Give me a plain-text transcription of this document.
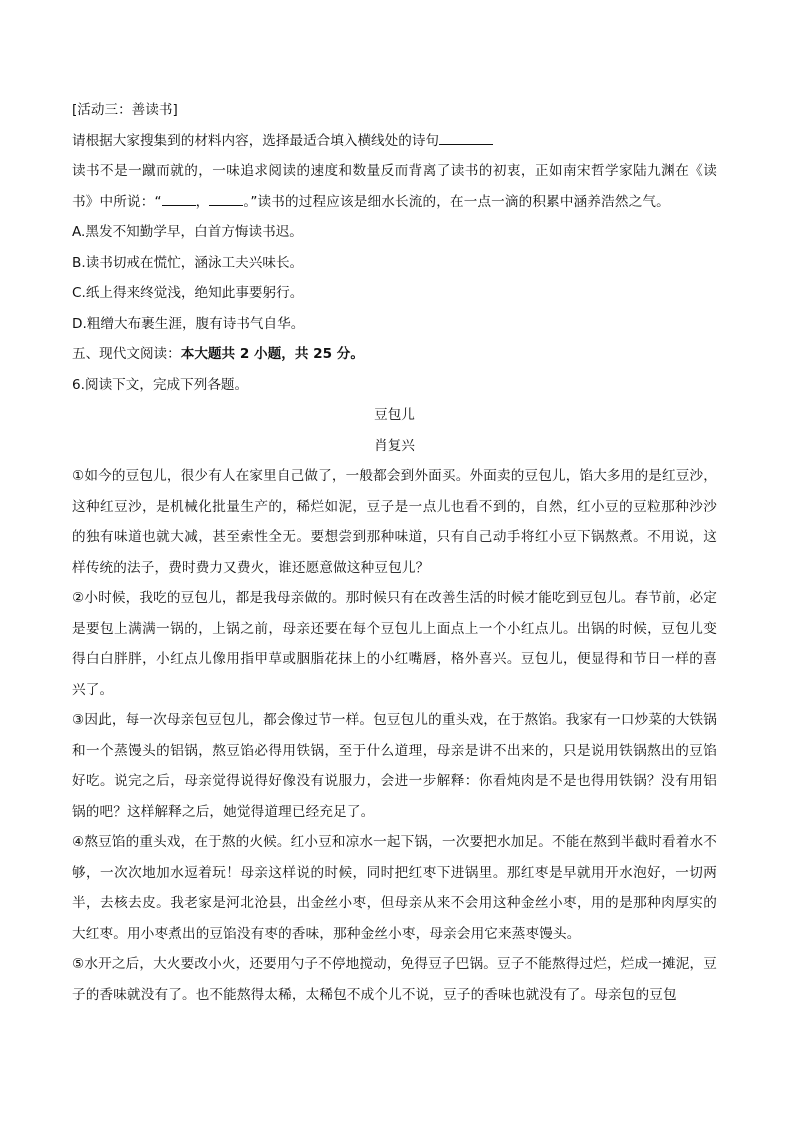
[活动三：善读书]
请根据大家搜集到的材料内容，选择最适合填入横线处的诗句
读书不是一蹴而就的，一味追求阅读的速度和数量反而背离了读书的初衷，正如南宋哲学家陆九渊在《读书》中所说：“	，	。”读书的过程应该是细水长流的，在一点一滴的积累中涵养浩然之气。
A.黑发不知勤学早，白首方悔读书迟。
B.读书切戒在慌忙，涵泳工夫兴味长。
C.纸上得来终觉浅，绝知此事要躬行。
D.粗缯大布裹生涯，腹有诗书气自华。
五、现代文阅读：本大题共 2 小题，共 25 分。
6.阅读下文，完成下列各题。
豆包儿
肖复兴
①如今的豆包儿，很少有人在家里自己做了，一般都会到外面买。外面卖的豆包儿，馅大多用的是红豆沙，这种红豆沙，是机械化批量生产的，稀烂如泥，豆子是一点儿也看不到的，自然，红小豆的豆粒那种沙沙的独有味道也就大减，甚至索性全无。要想尝到那种味道，只有自己动手将红小豆下锅熬煮。不用说，这样传统的法子，费时费力又费火，谁还愿意做这种豆包儿？
②小时候，我吃的豆包儿，都是我母亲做的。那时候只有在改善生活的时候才能吃到豆包儿。春节前，必定是要包上满满一锅的，上锅之前，母亲还要在每个豆包儿上面点上一个小红点儿。出锅的时候，豆包儿变得白白胖胖，小红点儿像用指甲草或胭脂花抹上的小红嘴唇，格外喜兴。豆包儿，便显得和节日一样的喜兴了。
③因此，每一次母亲包豆包儿，都会像过节一样。包豆包儿的重头戏，在于熬馅。我家有一口炒菜的大铁锅和一个蒸馒头的铝锅，熬豆馅必得用铁锅，至于什么道理，母亲是讲不出来的，只是说用铁锅熬出的豆馅好吃。说完之后，母亲觉得说得好像没有说服力，会进一步解释：你看炖肉是不是也得用铁锅？没有用铝锅的吧？这样解释之后，她觉得道理已经充足了。
④熬豆馅的重头戏，在于熬的火候。红小豆和凉水一起下锅，一次要把水加足。不能在熬到半截时看着水不够，一次次地加水逗着玩！母亲这样说的时候，同时把红枣下进锅里。那红枣是早就用开水泡好，一切两半，去核去皮。我老家是河北沧县，出金丝小枣，但母亲从来不会用这种金丝小枣，用的是那种肉厚实的大红枣。用小枣煮出的豆馅没有枣的香味，那种金丝小枣，母亲会用它来蒸枣馒头。
⑤水开之后，大火要改小火，还要用勺子不停地搅动，免得豆子巴锅。豆子不能熬得过烂，烂成一摊泥，豆子的香味就没有了。也不能熬得太稀，太稀包不成个儿不说，豆子的香味也就没有了。母亲包的豆包
